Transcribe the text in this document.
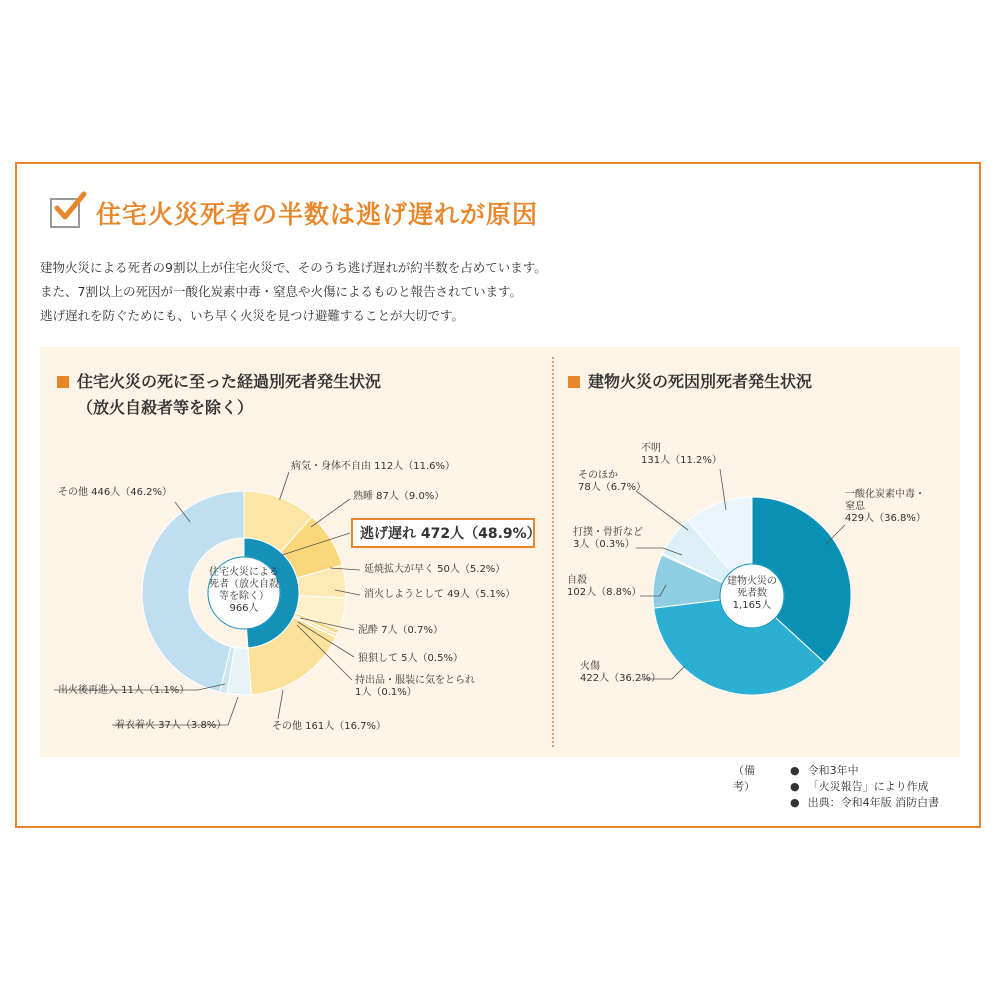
住宅火災死者の半数は逃げ遅れが原因
建物火災による死者の9割以上が住宅火災で、そのうち逃げ遅れが約半数を占めています。
また、7割以上の死因が一酸化炭素中毒・窒息や火傷によるものと報告されています。
逃げ遅れを防ぐためにも、いち早く火災を見つけ避難することが大切です。
住宅火災の死に至った経過別死者発生状況
（放火自殺者等を除く）
建物火災の死因別死者発生状況
住宅火災による
死者（放火自殺
等を除く）
966人
病気・身体不自由 112人（11.6%）
熟睡 87人（9.0%）
延焼拡大が早く 50人（5.2%）
消火しようとして 49人（5.1%）
泥酔 7人（0.7%）
狼狽して 5人（0.5%）
持出品・服装に気をとられ
1人（0.1%）
その他 161人（16.7%）
着衣着火 37人（3.8%）
出火後再進入 11人（1.1%）
その他 446人（46.2%）
逃げ遅れ 472人（48.9%）
建物火災の
死者数
1,165人
一酸化炭素中毒・
窒息
429人（36.8%）
火傷
422人（36.2%）
自殺
102人（8.8%）
打撲・骨折など
3人（0.3%）
そのほか
78人（6.7%）
不明
131人（11.2%）
（備考）
● 令和3年中
● 「火災報告」により作成
● 出典：令和4年版 消防白書
